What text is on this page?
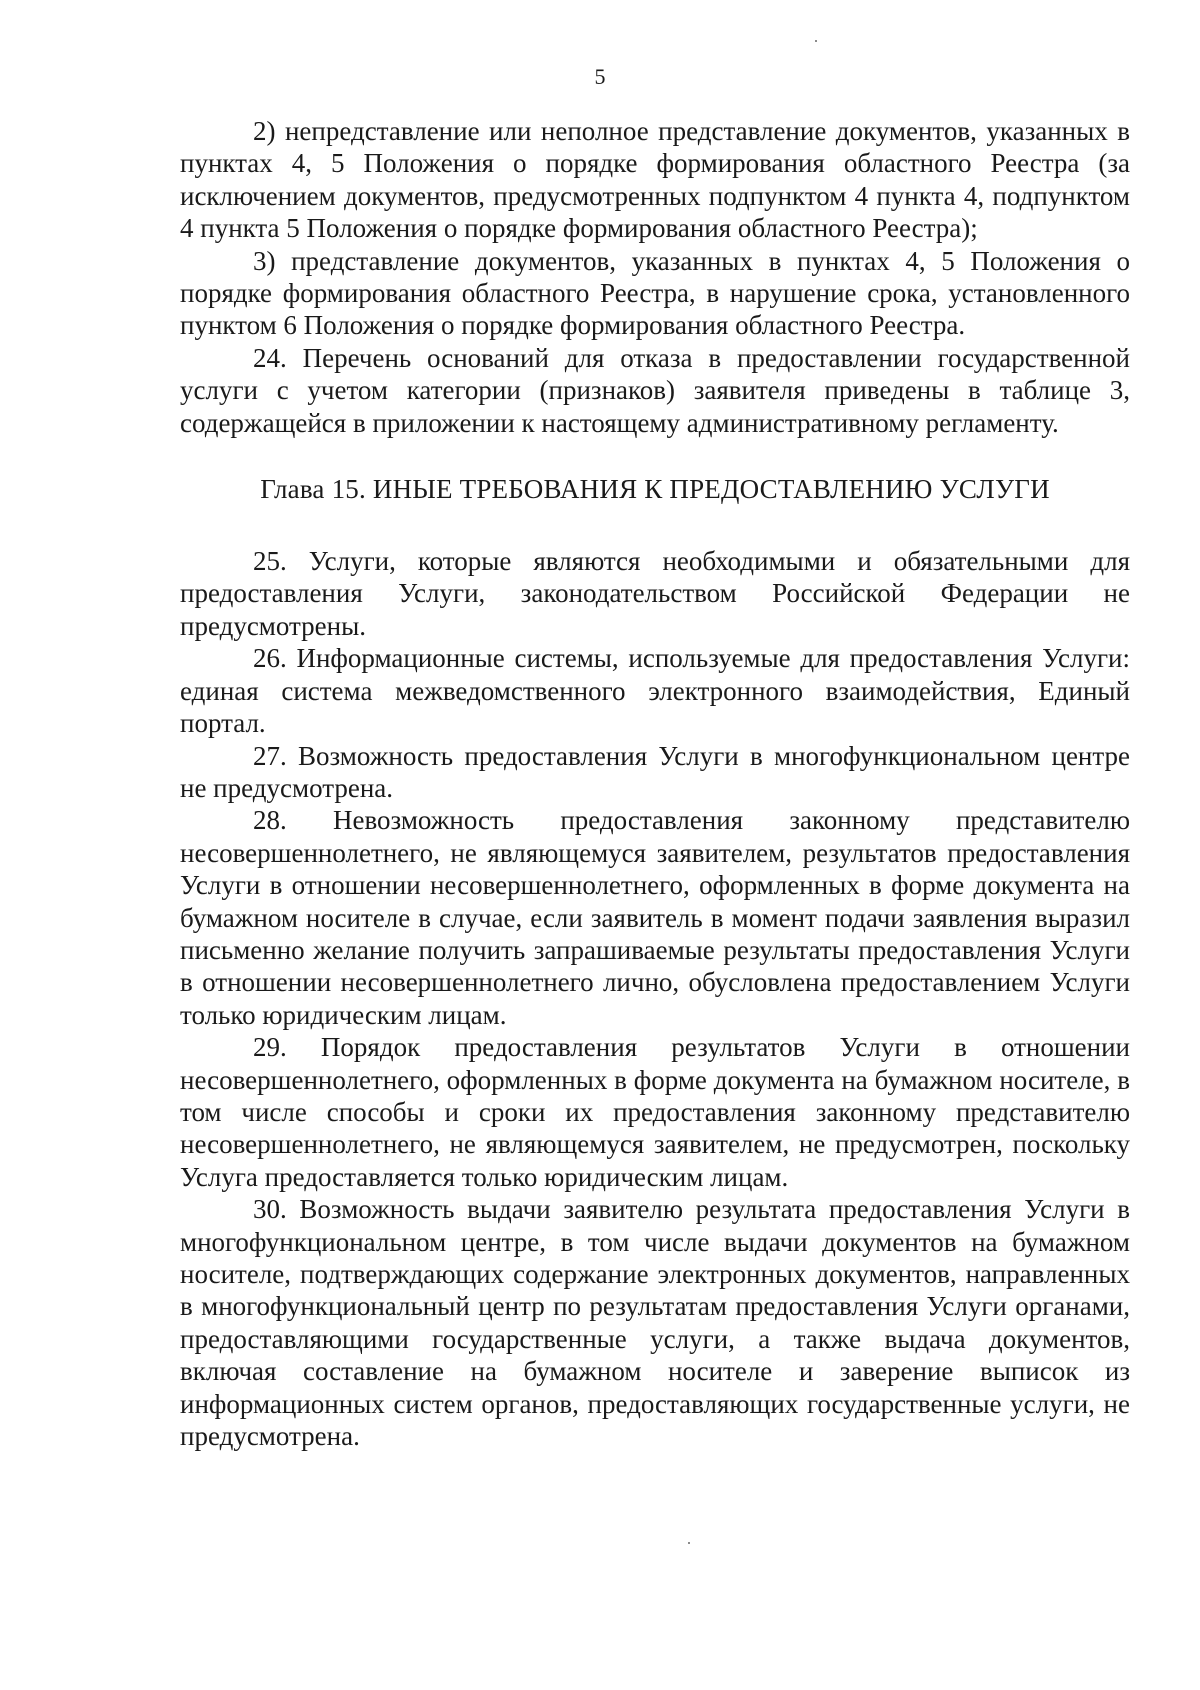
5

2) непредставление или неполное представление документов, указанных в пунктах 4, 5 Положения о порядке формирования областного Реестра (за исключением документов, предусмотренных подпунктом 4 пункта 4, подпунктом 4 пункта 5 Положения о порядке формирования областного Реестра);

3) представление документов, указанных в пунктах 4, 5 Положения о порядке формирования областного Реестра, в нарушение срока, установленного пунктом 6 Положения о порядке формирования областного Реестра.

24. Перечень оснований для отказа в предоставлении государственной услуги с учетом категории (признаков) заявителя приведены в таблице 3, содержащейся в приложении к настоящему административному регламенту.

Глава 15. ИНЫЕ ТРЕБОВАНИЯ К ПРЕДОСТАВЛЕНИЮ УСЛУГИ

25. Услуги, которые являются необходимыми и обязательными для предоставления Услуги, законодательством Российской Федерации не предусмотрены.

26. Информационные системы, используемые для предоставления Услуги: единая система межведомственного электронного взаимодействия, Единый портал.

27. Возможность предоставления Услуги в многофункциональном центре не предусмотрена.

28. Невозможность предоставления законному представителю несовершеннолетнего, не являющемуся заявителем, результатов предоставления Услуги в отношении несовершеннолетнего, оформленных в форме документа на бумажном носителе в случае, если заявитель в момент подачи заявления выразил письменно желание получить запрашиваемые результаты предоставления Услуги в отношении несовершеннолетнего лично, обусловлена предоставлением Услуги только юридическим лицам.

29. Порядок предоставления результатов Услуги в отношении несовершеннолетнего, оформленных в форме документа на бумажном носителе, в том числе способы и сроки их предоставления законному представителю несовершеннолетнего, не являющемуся заявителем, не предусмотрен, поскольку Услуга предоставляется только юридическим лицам.

30. Возможность выдачи заявителю результата предоставления Услуги в многофункциональном центре, в том числе выдачи документов на бумажном носителе, подтверждающих содержание электронных документов, направленных в многофункциональный центр по результатам предоставления Услуги органами, предоставляющими государственные услуги, а также выдача документов, включая составление на бумажном носителе и заверение выписок из информационных систем органов, предоставляющих государственные услуги, не предусмотрена.
